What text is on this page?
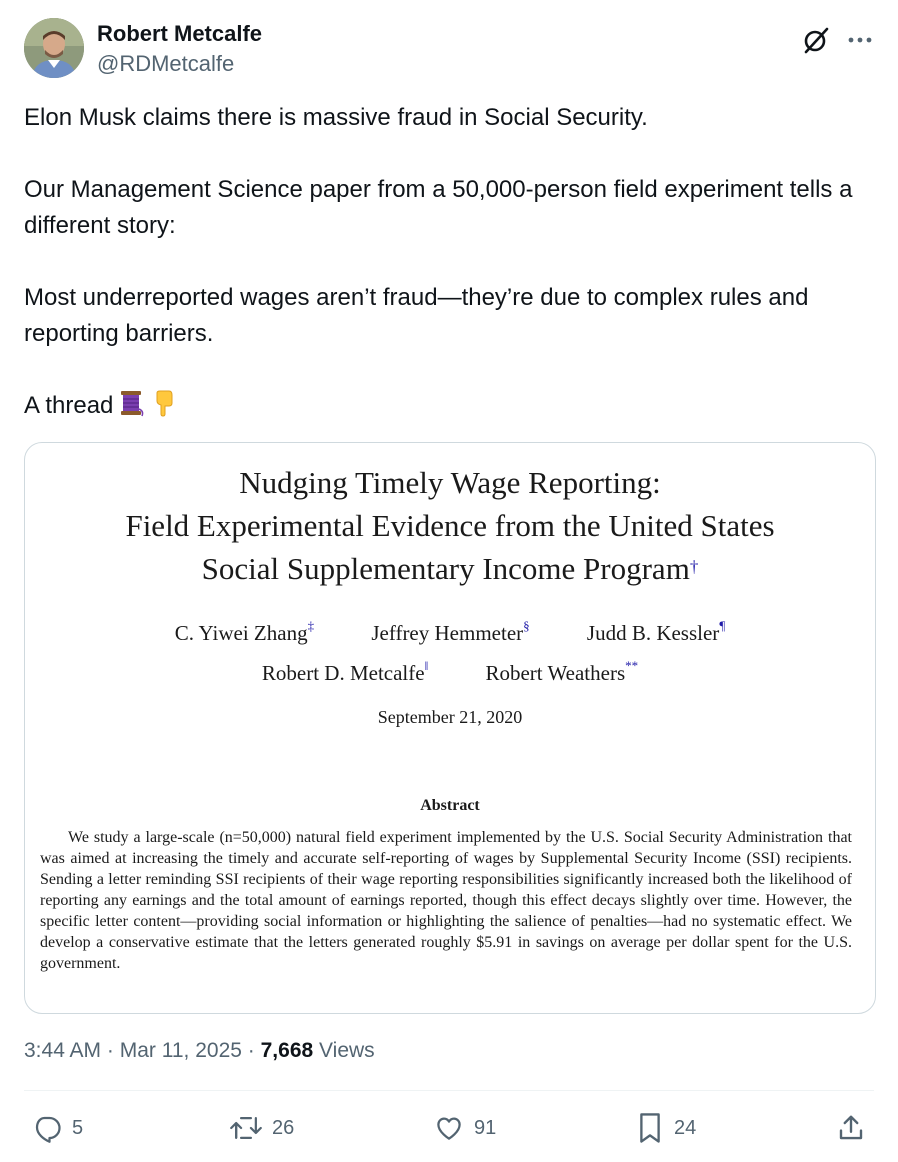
Robert Metcalfe
@RDMetcalfe

Elon Musk claims there is massive fraud in Social Security.

Our Management Science paper from a 50,000-person field experiment tells a different story:

Most underreported wages aren’t fraud—they’re due to complex rules and reporting barriers.

A thread

Nudging Timely Wage Reporting:
Field Experimental Evidence from the United States
Social Supplementary Income Program†
C. Yiwei Zhang‡	Jeffrey Hemmeter§	Judd B. Kessler¶
Robert D. Metcalfe‖	Robert Weathers**
September 21, 2020
Abstract

We study a large-scale (n=50,000) natural field experiment implemented by the U.S. Social Security Administration that was aimed at increasing the timely and accurate self-reporting of wages by Supplemental Security Income (SSI) recipients. Sending a letter reminding SSI recipients of their wage reporting responsibilities significantly increased both the likelihood of reporting any earnings and the total amount of earnings reported, though this effect decays slightly over time. However, the specific letter content—providing social information or highlighting the salience of penalties—had no systematic effect. We develop a conservative estimate that the letters generated roughly $5.91 in savings on average per dollar spent for the U.S. government.

3:44 AM · Mar 11, 2025 · 7,668 Views
5	26	91	24
